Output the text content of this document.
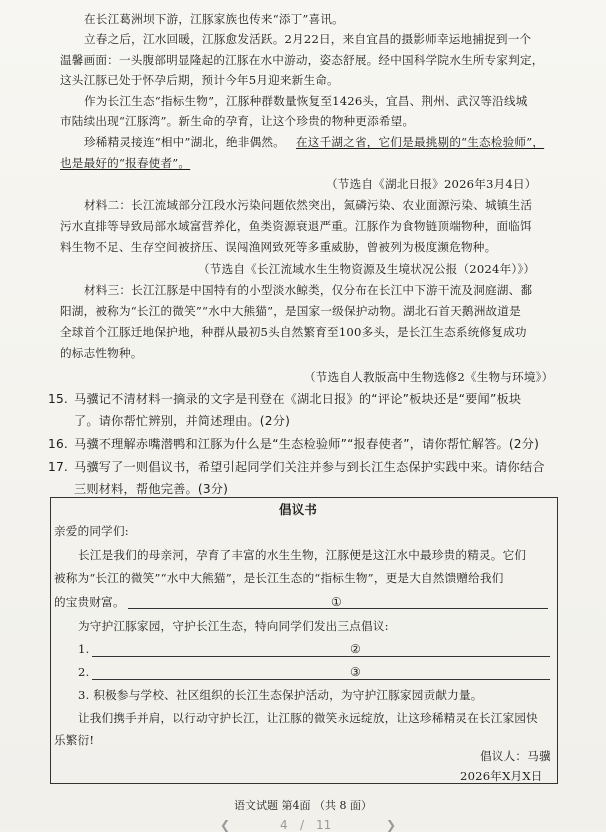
在长江葛洲坝下游，江豚家族也传来“添丁”喜讯。
立春之后，江水回暖，江豚愈发活跃。2月22日，来自宜昌的摄影师幸运地捕捉到一个
温馨画面：一头腹部明显隆起的江豚在水中游动，姿态舒展。经中国科学院水生所专家判定，
这头江豚已处于怀孕后期，预计今年5月迎来新生命。
作为长江生态“指标生物”，江豚种群数量恢复至1426头，宜昌、荆州、武汉等沿线城
市陆续出现“江豚湾”。新生命的孕育，让这个珍贵的物种更添希望。
珍稀精灵接连“相中”湖北，绝非偶然。 在这千湖之省，它们是最挑剔的“生态检验师”，
也是最好的“报春使者”。
（节选自《湖北日报》2026年3月4日）
材料二：长江流域部分江段水污染问题依然突出，氮磷污染、农业面源污染、城镇生活
污水直排等导致局部水域富营养化，鱼类资源衰退严重。江豚作为食物链顶端物种，面临饵
料生物不足、生存空间被挤压、误闯渔网致死等多重威胁，曾被列为极度濒危物种。
（节选自《长江流域水生生物资源及生境状况公报（2024年）》）
材料三：长江江豚是中国特有的小型淡水鲸类，仅分布在长江中下游干流及洞庭湖、鄱
阳湖，被称为“长江的微笑”“水中大熊猫”，是国家一级保护动物。湖北石首天鹅洲故道是
全球首个江豚迁地保护地，种群从最初5头自然繁育至100多头，是长江生态系统修复成功
的标志性物种。
（节选自人教版高中生物选修2《生物与环境》）
15. 马骥记不清材料一摘录的文字是刊登在《湖北日报》的“评论”板块还是“要闻”板块
了。请你帮忙辨别，并简述理由。(2分)
16. 马骥不理解赤嘴潜鸭和江豚为什么是“生态检验师”“报春使者”，请你帮忙解答。(2分)
17. 马骥写了一则倡议书，希望引起同学们关注并参与到长江生态保护实践中来。请你结合
三则材料，帮他完善。(3分)
倡议书
亲爱的同学们:
长江是我们的母亲河，孕育了丰富的水生生物，江豚便是这江水中最珍贵的精灵。它们
被称为“长江的微笑”“水中大熊猫”，是长江生态的“指标生物”，更是大自然馈赠给我们
的宝贵财富。	①
为守护江豚家园，守护长江生态，特向同学们发出三点倡议:
1.	②
2.	③
3. 积极参与学校、社区组织的长江生态保护活动，为守护江豚家园贡献力量。
让我们携手并肩，以行动守护长江，让江豚的微笑永远绽放，让这珍稀精灵在长江家园快
乐繁衍!
倡议人：马骥
2026年X月X日
语文试题 第4面 （共 8 面）
❮	4 / 11	❯
